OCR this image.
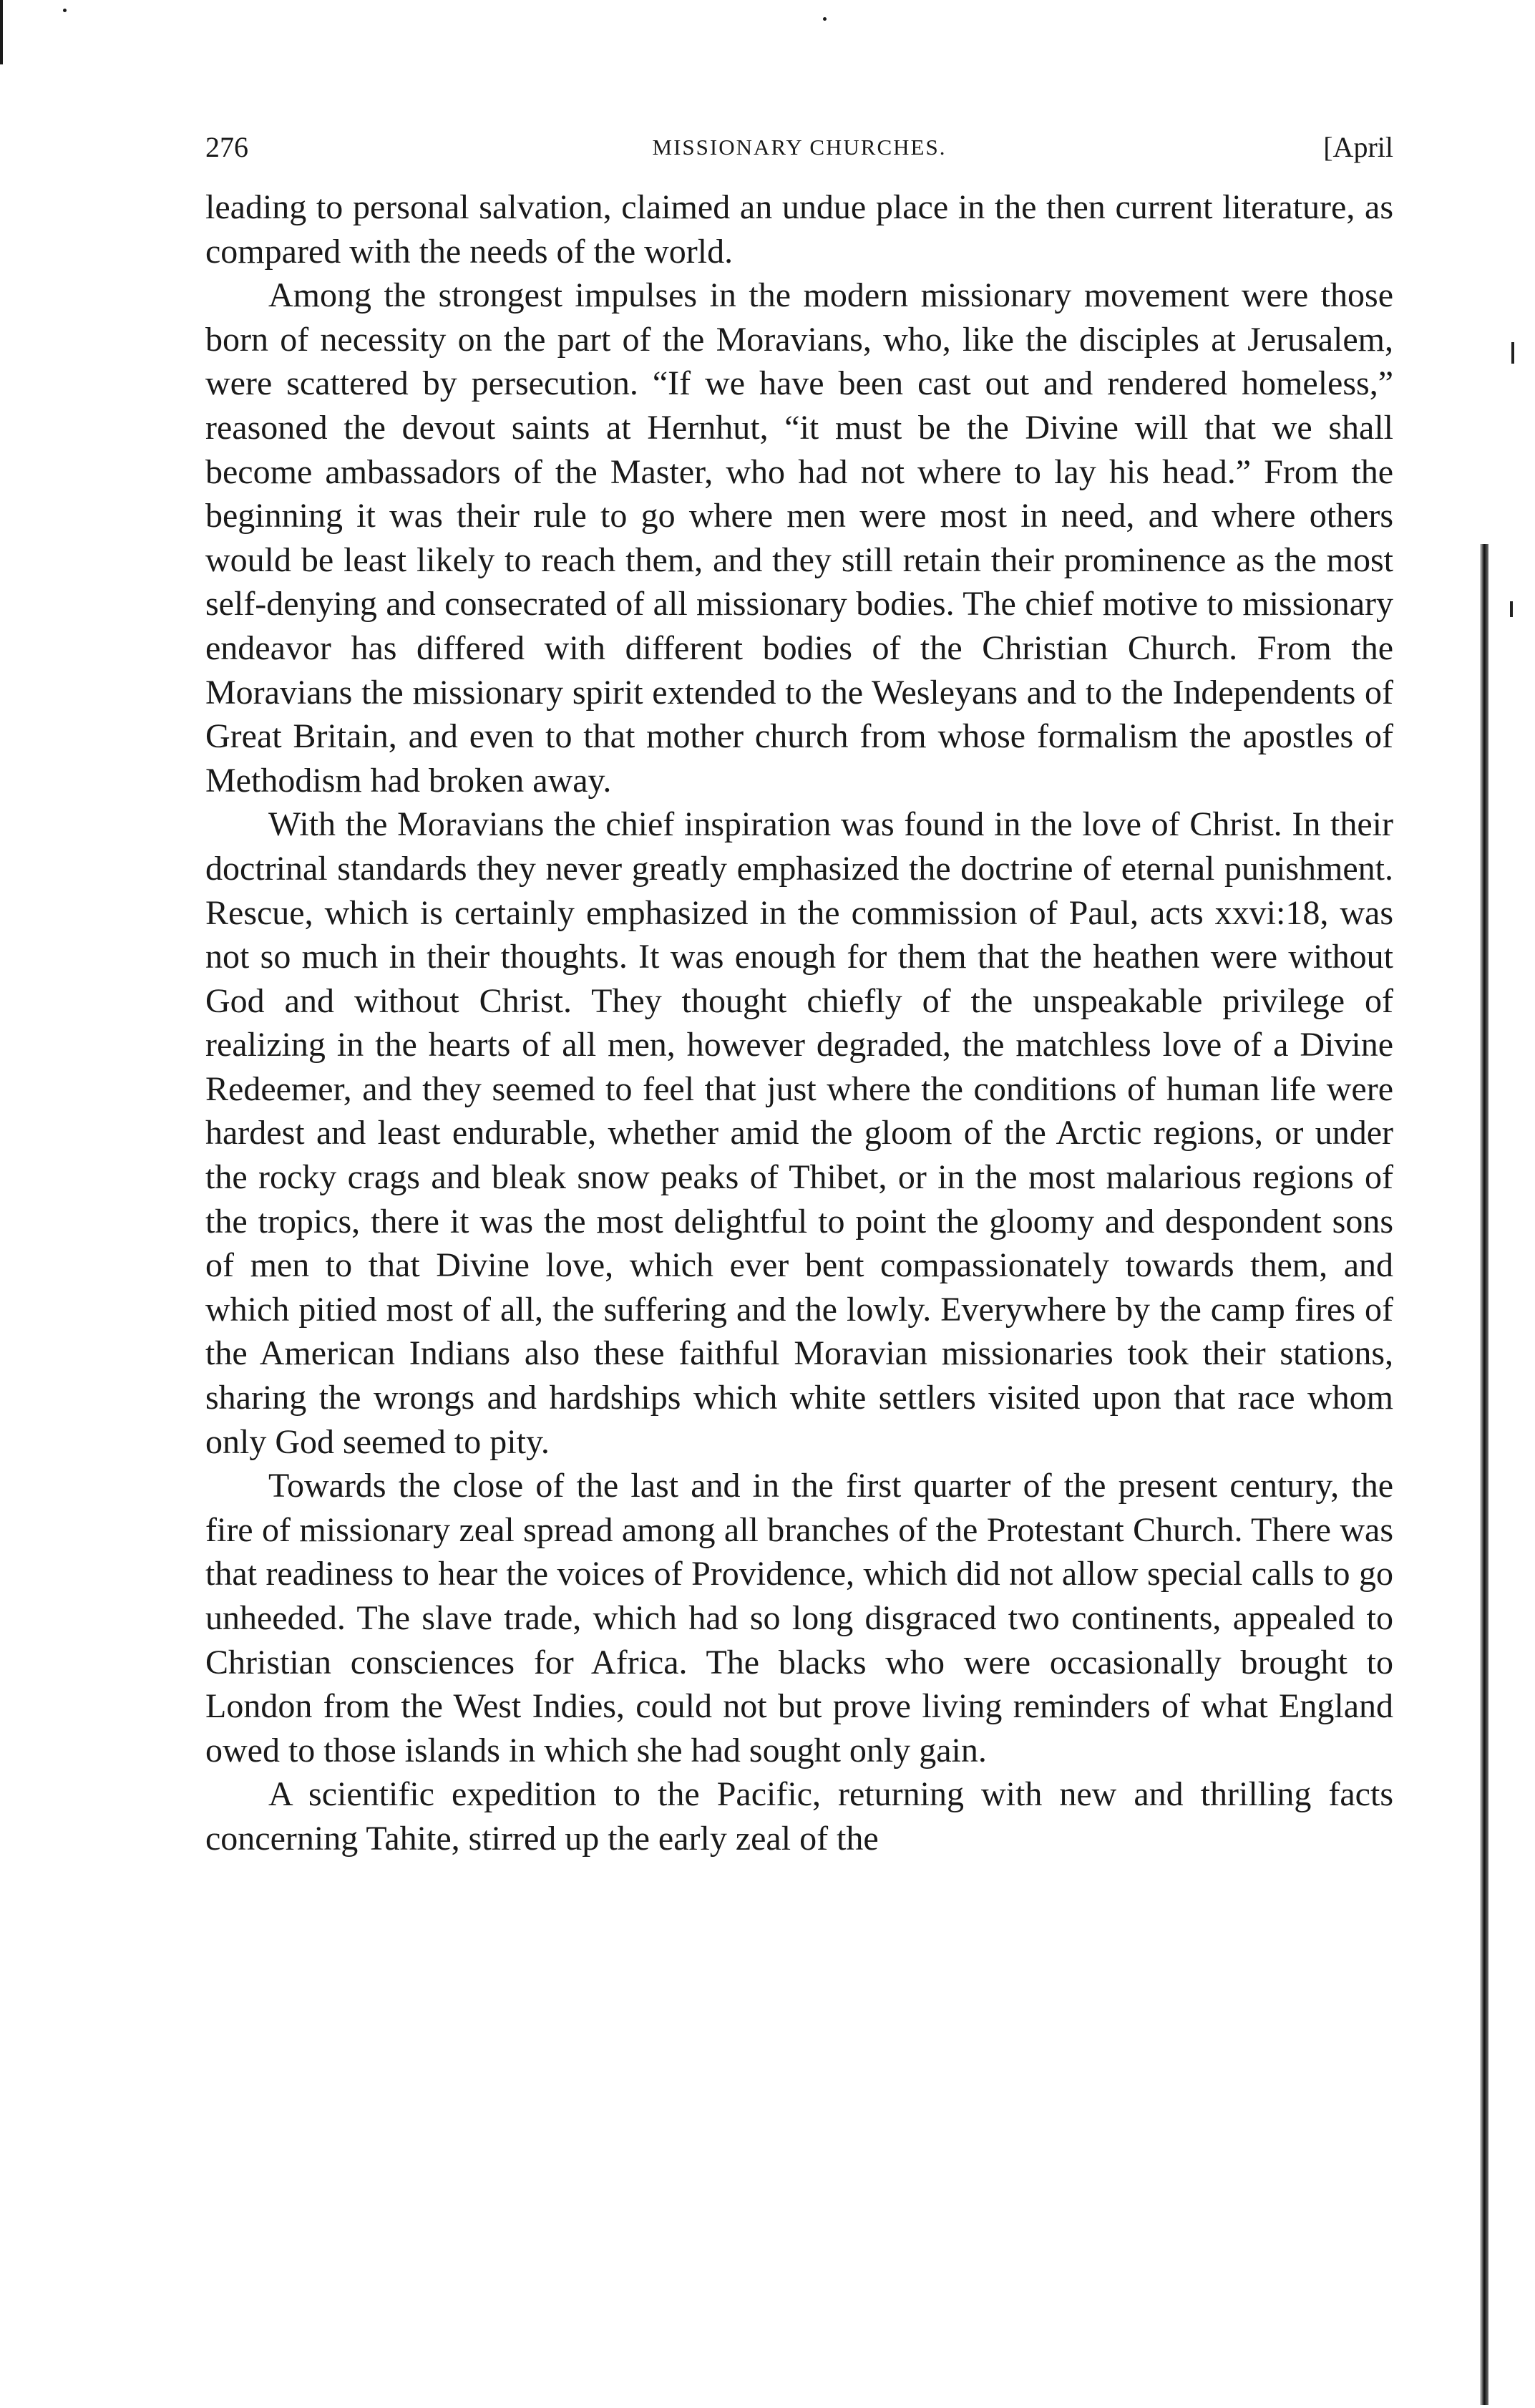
276	MISSIONARY CHURCHES.	[April

leading to personal salvation, claimed an undue place in the then current literature, as compared with the needs of the world.

Among the strongest impulses in the modern missionary movement were those born of necessity on the part of the Moravians, who, like the disciples at Jerusalem, were scattered by persecution. “If we have been cast out and rendered homeless,” reasoned the devout saints at Hernhut, “it must be the Divine will that we shall become ambassadors of the Master, who had not where to lay his head.” From the beginning it was their rule to go where men were most in need, and where others would be least likely to reach them, and they still retain their prominence as the most self-denying and consecrated of all missionary bodies. The chief motive to missionary endeavor has differed with different bodies of the Christian Church. From the Moravians the missionary spirit extended to the Wesleyans and to the Independents of Great Britain, and even to that mother church from whose formalism the apostles of Methodism had broken away.

With the Moravians the chief inspiration was found in the love of Christ. In their doctrinal standards they never greatly emphasized the doctrine of eternal punishment. Rescue, which is certainly emphasized in the commission of Paul, acts xxvi:18, was not so much in their thoughts. It was enough for them that the heathen were without God and without Christ. They thought chiefly of the unspeakable privilege of realizing in the hearts of all men, however degraded, the matchless love of a Divine Redeemer, and they seemed to feel that just where the conditions of human life were hardest and least endurable, whether amid the gloom of the Arctic regions, or under the rocky crags and bleak snow peaks of Thibet, or in the most malarious regions of the tropics, there it was the most delightful to point the gloomy and despondent sons of men to that Divine love, which ever bent compassionately towards them, and which pitied most of all, the suffering and the lowly. Everywhere by the camp fires of the American Indians also these faithful Moravian missionaries took their stations, sharing the wrongs and hardships which white settlers visited upon that race whom only God seemed to pity.

Towards the close of the last and in the first quarter of the present century, the fire of missionary zeal spread among all branches of the Protestant Church. There was that readiness to hear the voices of Providence, which did not allow special calls to go unheeded. The slave trade, which had so long disgraced two continents, appealed to Christian consciences for Africa. The blacks who were occasionally brought to London from the West Indies, could not but prove living reminders of what England owed to those islands in which she had sought only gain.

A scientific expedition to the Pacific, returning with new and thrilling facts concerning Tahite, stirred up the early zeal of the
